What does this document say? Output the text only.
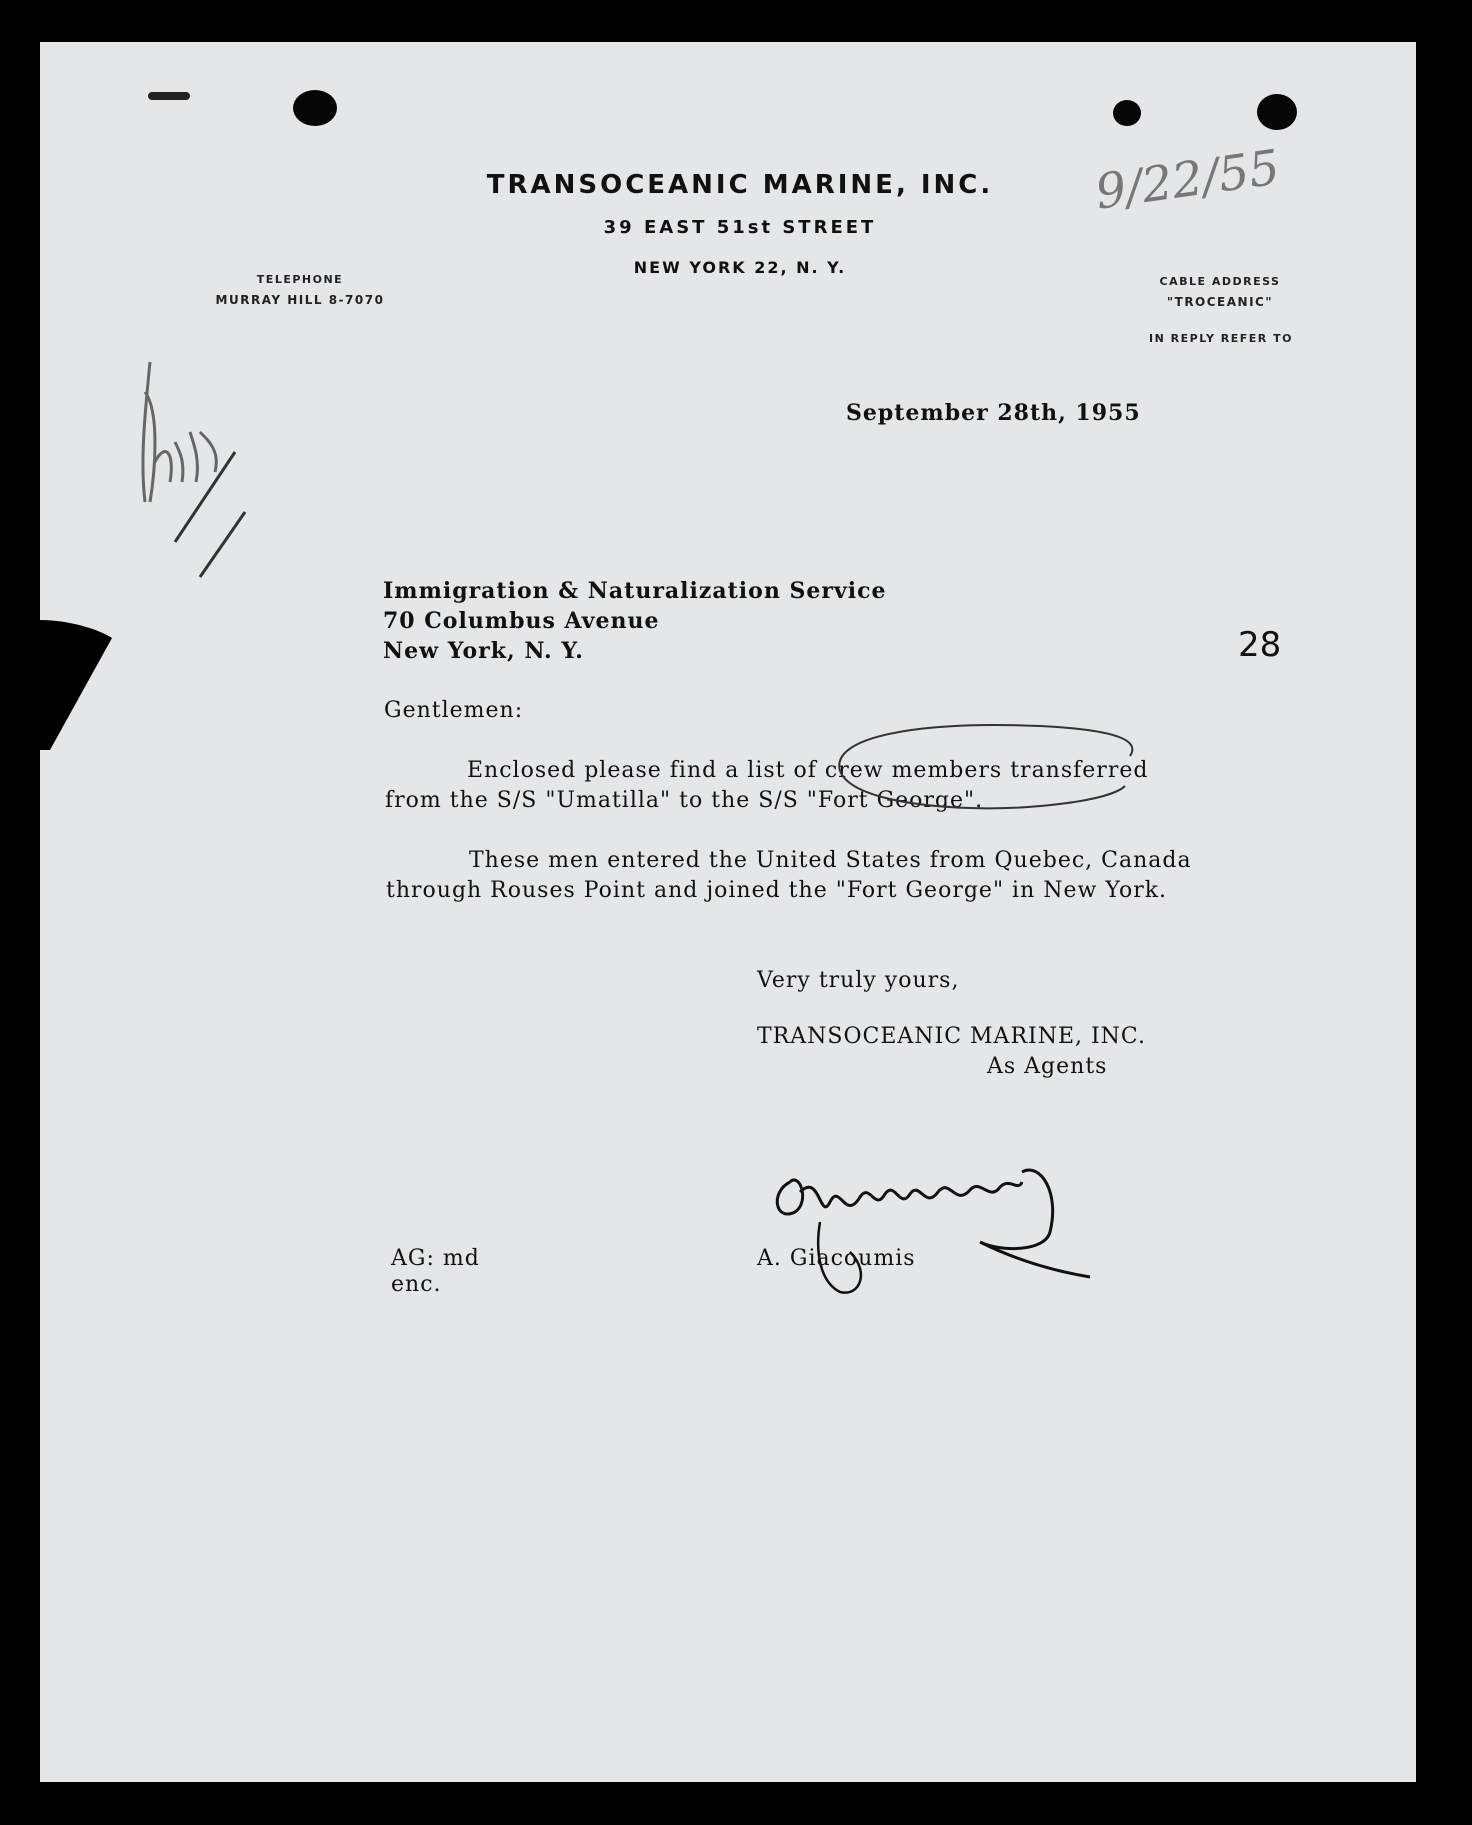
TRANSOCEANIC MARINE, INC.
39 EAST 51st STREET
NEW YORK 22, N. Y.
TELEPHONE
MURRAY HILL 8-7070
CABLE ADDRESS
"TROCEANIC"
IN REPLY REFER TO
9/22/55
September 28th, 1955
Immigration & Naturalization Service
70 Columbus Avenue
New York, N. Y.	28
Gentlemen:
Enclosed please find a list of crew members transferred
from the S/S "Umatilla" to the S/S "Fort George".
These men entered the United States from Quebec, Canada
through Rouses Point and joined the "Fort George" in New York.
Very truly yours,
TRANSOCEANIC MARINE, INC.
As Agents
A. Giacoumis
AG: md
enc.
